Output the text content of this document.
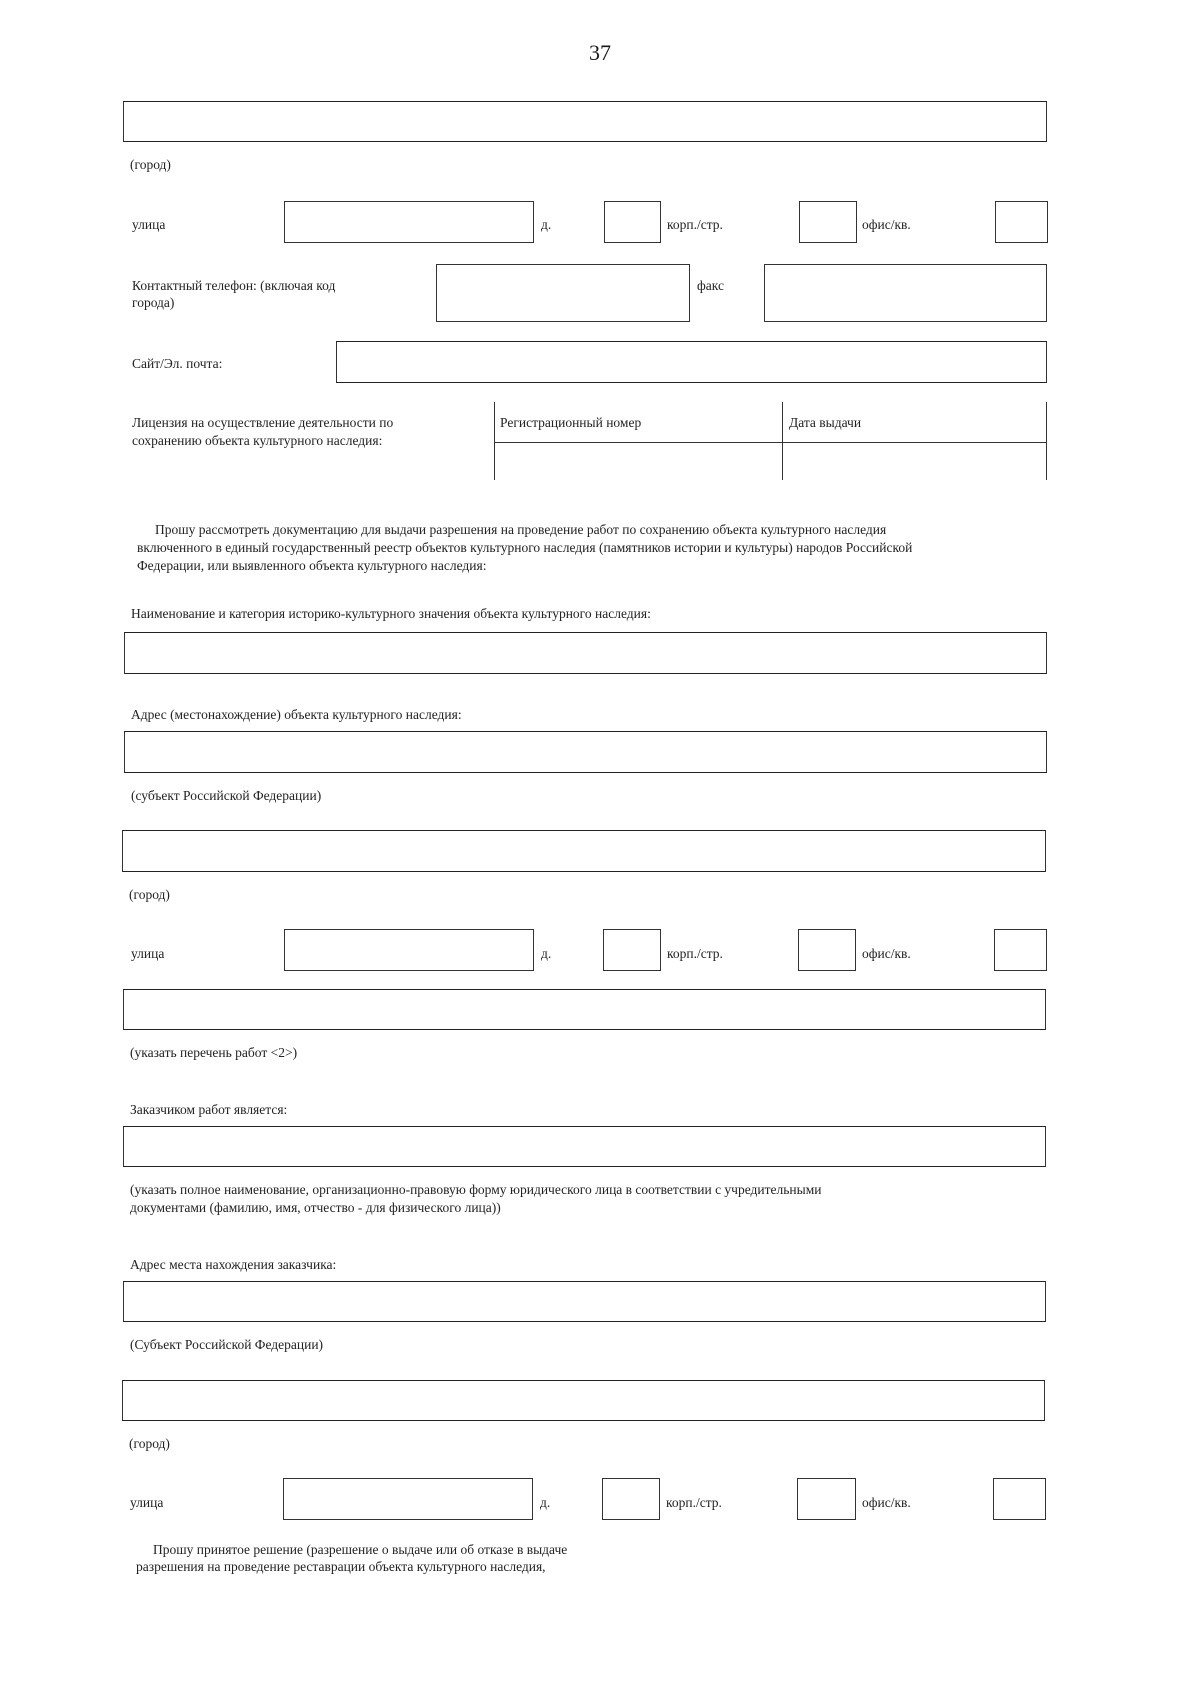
37
(город)
улица	д.	корп./стр.	офис/кв.
Контактный телефон: (включая код
города)
факс
Сайт/Эл. почта:
Лицензия на осуществление деятельности по
сохранению объекта культурного наследия:
Регистрационный номер	Дата выдачи
Прошу рассмотреть документацию для выдачи разрешения на проведение работ по сохранению объекта культурного наследия
включенного в единый государственный реестр объектов культурного наследия (памятников истории и культуры) народов Российской
Федерации, или выявленного объекта культурного наследия:
Наименование и категория историко-культурного значения объекта культурного наследия:
Адрес (местонахождение) объекта культурного наследия:
(субъект Российской Федерации)
(город)
улица	д.	корп./стр.	офис/кв.
(указать перечень работ <2>)
Заказчиком работ является:
(указать полное наименование, организационно-правовую форму юридического лица в соответствии с учредительными
документами (фамилию, имя, отчество - для физического лица))
Адрес места нахождения заказчика:
(Субъект Российской Федерации)
(город)
улица	д.	корп./стр.	офис/кв.
Прошу принятое решение (разрешение о выдаче или об отказе в выдаче
разрешения на проведение реставрации объекта культурного наследия,
